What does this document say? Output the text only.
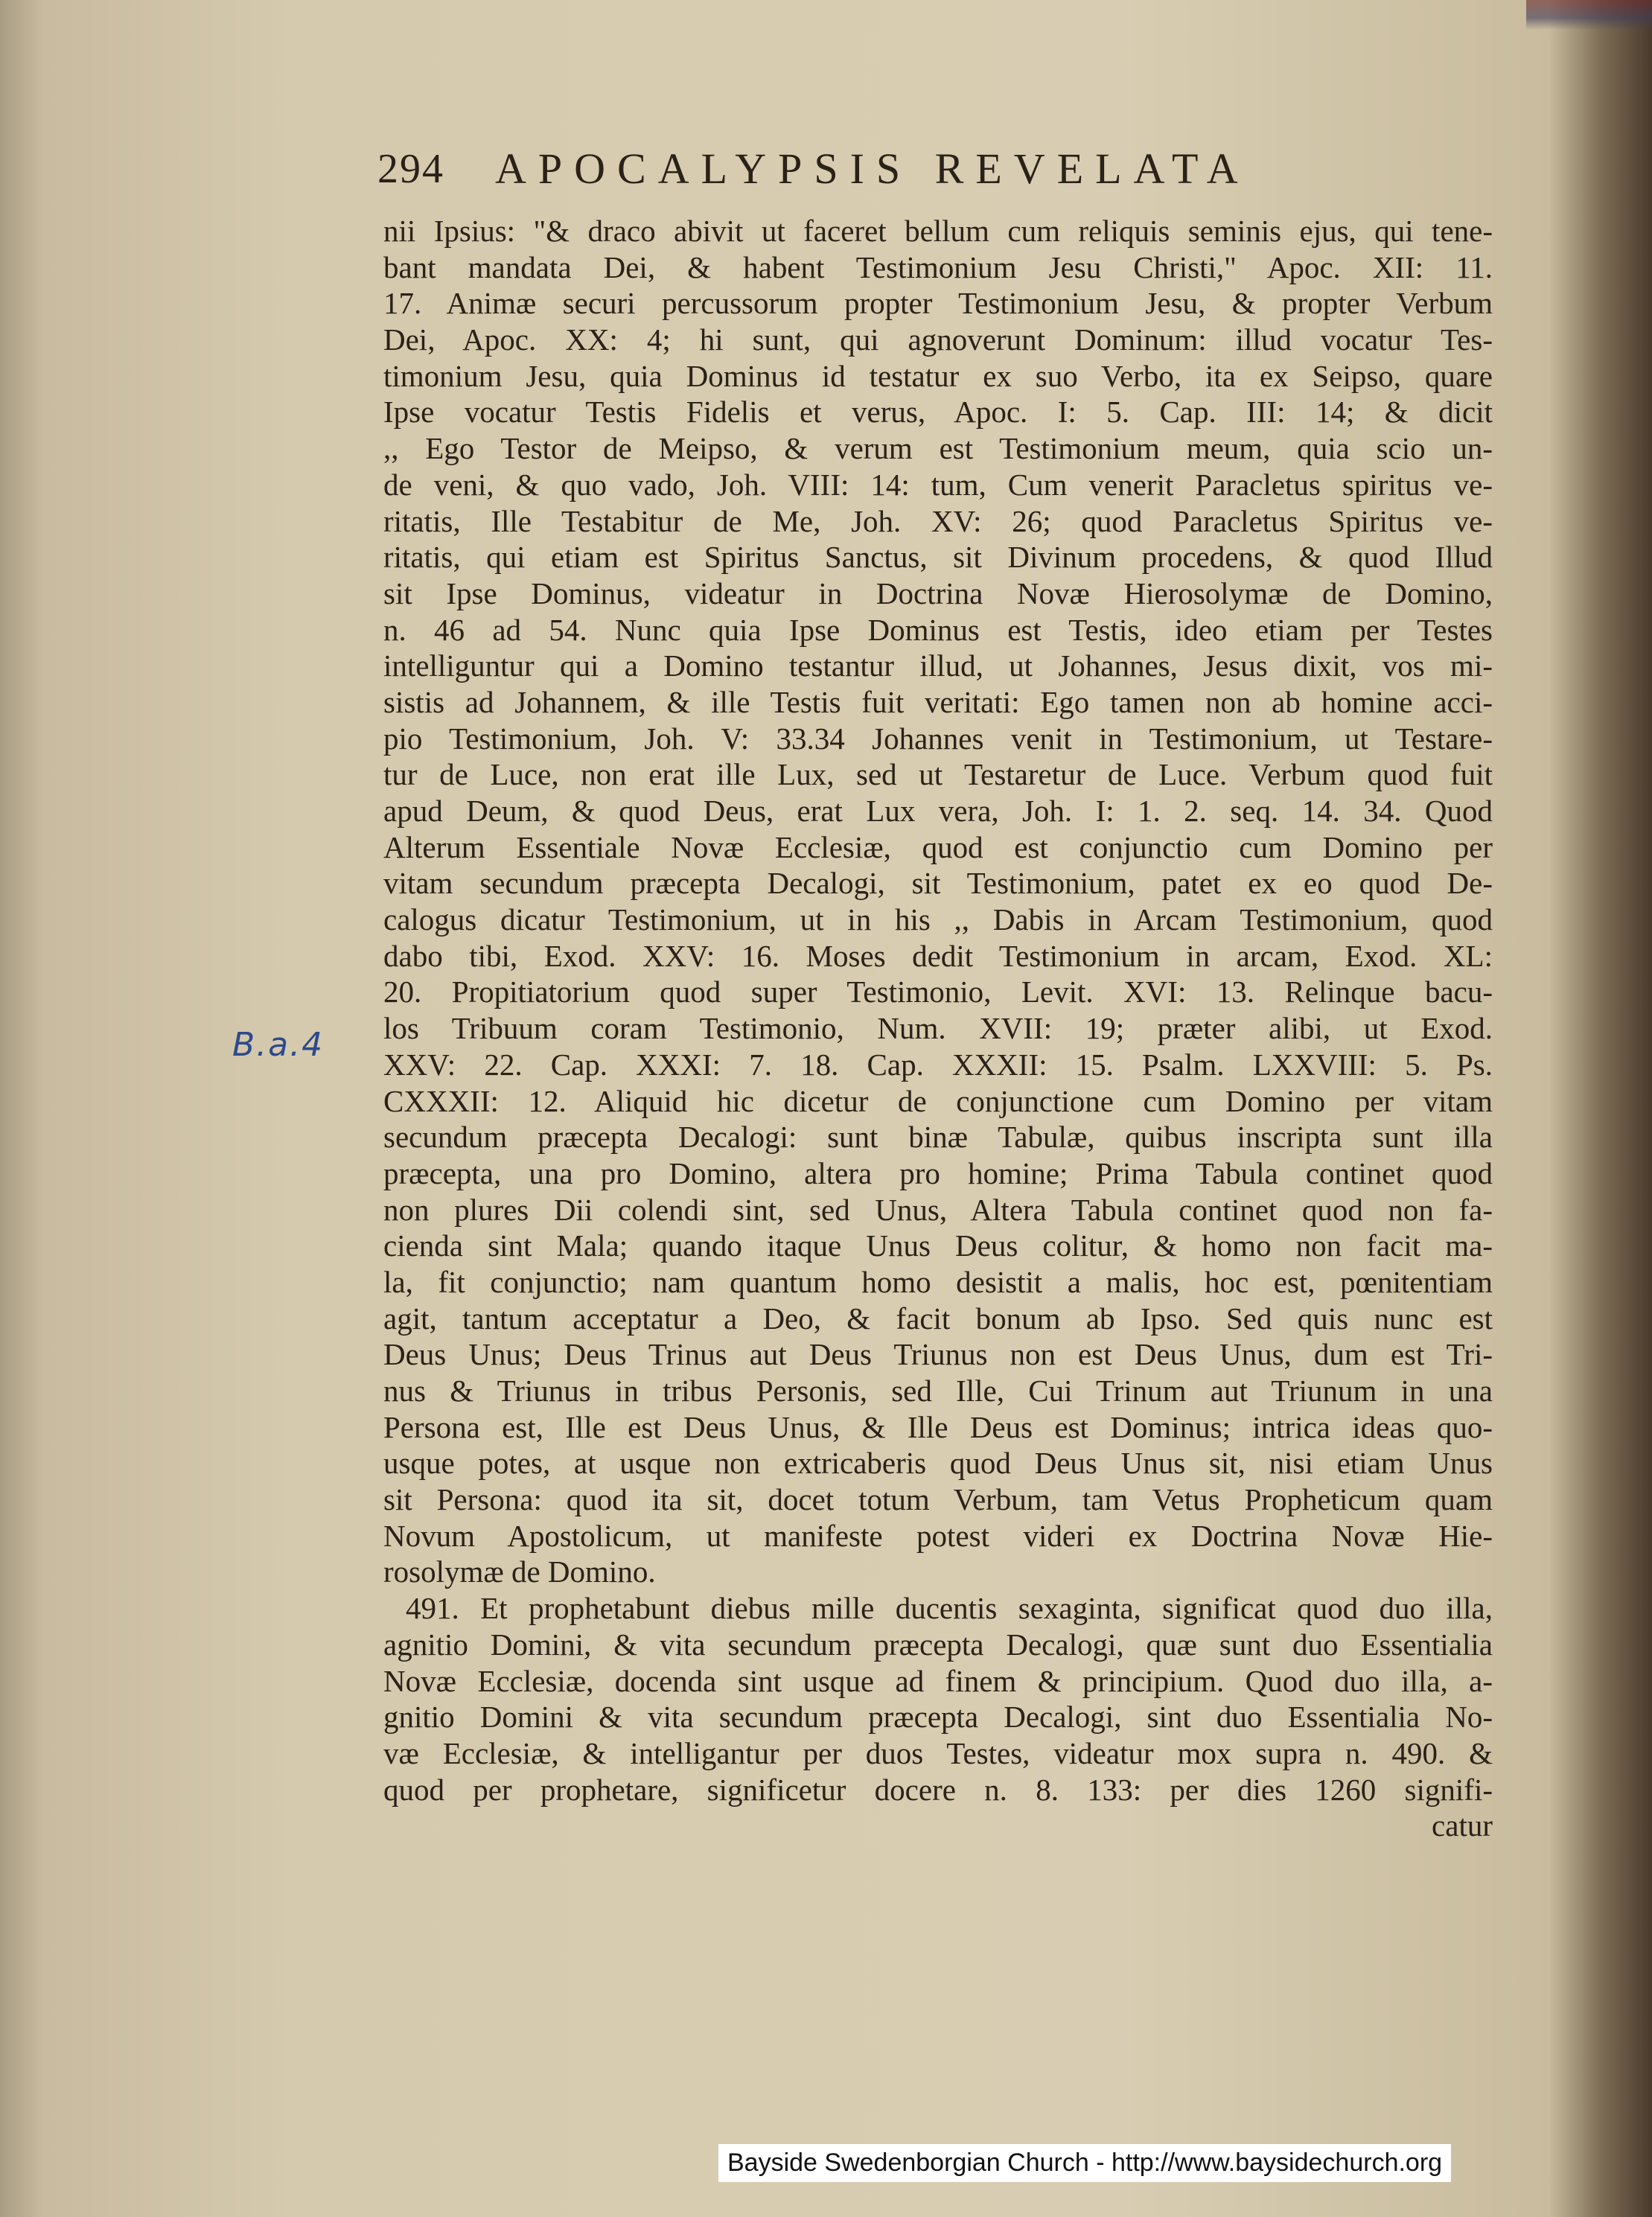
294 APOCALYPSIS REVELATA
B.a.4
nii Ipsius: "& draco abivit ut faceret bellum cum reliquis seminis ejus, qui tene-
bant mandata Dei, & habent Testimonium Jesu Christi," Apoc. XII: 11.
17. Animæ securi percussorum propter Testimonium Jesu, & propter Verbum
Dei, Apoc. XX: 4; hi sunt, qui agnoverunt Dominum: illud vocatur Tes-
timonium Jesu, quia Dominus id testatur ex suo Verbo, ita ex Seipso, quare
Ipse vocatur Testis Fidelis et verus, Apoc. I: 5. Cap. III: 14; & dicit
,, Ego Testor de Meipso, & verum est Testimonium meum, quia scio un-
de veni, & quo vado, Joh. VIII: 14: tum, Cum venerit Paracletus spiritus ve-
ritatis, Ille Testabitur de Me, Joh. XV: 26; quod Paracletus Spiritus ve-
ritatis, qui etiam est Spiritus Sanctus, sit Divinum procedens, & quod Illud
sit Ipse Dominus, videatur in Doctrina Novæ Hierosolymæ de Domino,
n. 46 ad 54. Nunc quia Ipse Dominus est Testis, ideo etiam per Testes
intelliguntur qui a Domino testantur illud, ut Johannes, Jesus dixit, vos mi-
sistis ad Johannem, & ille Testis fuit veritati: Ego tamen non ab homine acci-
pio Testimonium, Joh. V: 33.34 Johannes venit in Testimonium, ut Testare-
tur de Luce, non erat ille Lux, sed ut Testaretur de Luce. Verbum quod fuit
apud Deum, & quod Deus, erat Lux vera, Joh. I: 1. 2. seq. 14. 34. Quod
Alterum Essentiale Novæ Ecclesiæ, quod est conjunctio cum Domino per
vitam secundum præcepta Decalogi, sit Testimonium, patet ex eo quod De-
calogus dicatur Testimonium, ut in his ,, Dabis in Arcam Testimonium, quod
dabo tibi, Exod. XXV: 16. Moses dedit Testimonium in arcam, Exod. XL:
20. Propitiatorium quod super Testimonio, Levit. XVI: 13. Relinque bacu-
los Tribuum coram Testimonio, Num. XVII: 19; præter alibi, ut Exod.
XXV: 22. Cap. XXXI: 7. 18. Cap. XXXII: 15. Psalm. LXXVIII: 5. Ps.
CXXXII: 12. Aliquid hic dicetur de conjunctione cum Domino per vitam
secundum præcepta Decalogi: sunt binæ Tabulæ, quibus inscripta sunt illa
præcepta, una pro Domino, altera pro homine; Prima Tabula continet quod
non plures Dii colendi sint, sed Unus, Altera Tabula continet quod non fa-
cienda sint Mala; quando itaque Unus Deus colitur, & homo non facit ma-
la, fit conjunctio; nam quantum homo desistit a malis, hoc est, pœnitentiam
agit, tantum acceptatur a Deo, & facit bonum ab Ipso. Sed quis nunc est
Deus Unus; Deus Trinus aut Deus Triunus non est Deus Unus, dum est Tri-
nus & Triunus in tribus Personis, sed Ille, Cui Trinum aut Triunum in una
Persona est, Ille est Deus Unus, & Ille Deus est Dominus; intrica ideas quo-
usque potes, at usque non extricaberis quod Deus Unus sit, nisi etiam Unus
sit Persona: quod ita sit, docet totum Verbum, tam Vetus Propheticum quam
Novum Apostolicum, ut manifeste potest videri ex Doctrina Novæ Hie-
rosolymæ de Domino.
491. Et prophetabunt diebus mille ducentis sexaginta, significat quod duo illa,
agnitio Domini, & vita secundum præcepta Decalogi, quæ sunt duo Essentialia
Novæ Ecclesiæ, docenda sint usque ad finem & principium. Quod duo illa, a-
gnitio Domini & vita secundum præcepta Decalogi, sint duo Essentialia No-
væ Ecclesiæ, & intelligantur per duos Testes, videatur mox supra n. 490. &
quod per prophetare, significetur docere n. 8. 133: per dies 1260 signifi-
catur
Bayside Swedenborgian Church - http://www.baysidechurch.org
